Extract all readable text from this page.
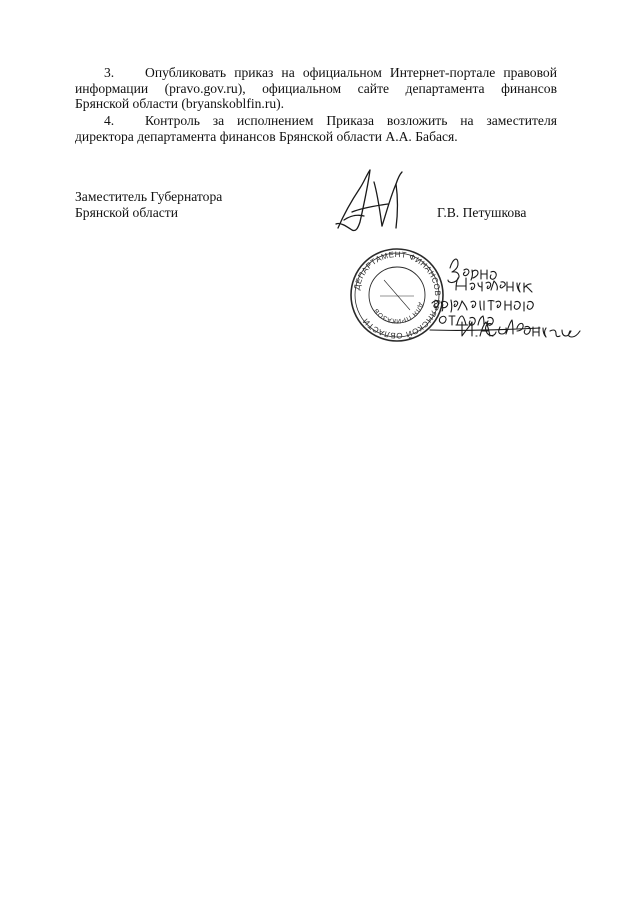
3. Опубликовать приказ на официальном Интернет-портале правовой
информации (pravo.gov.ru), официальном сайте департамента финансов
Брянской области (bryanskoblfin.ru).
4. Контроль за исполнением Приказа возложить на заместителя
директора департамента финансов Брянской области А.А. Бабася.
Заместитель Губернатора
Брянской области	Г.В. Петушкова
ДЕПАРТАМЕНТ ФИНАНСОВ БРЯНСКОЙ ОБЛАСТИ
ДЛЯ ПРИКАЗОВ
